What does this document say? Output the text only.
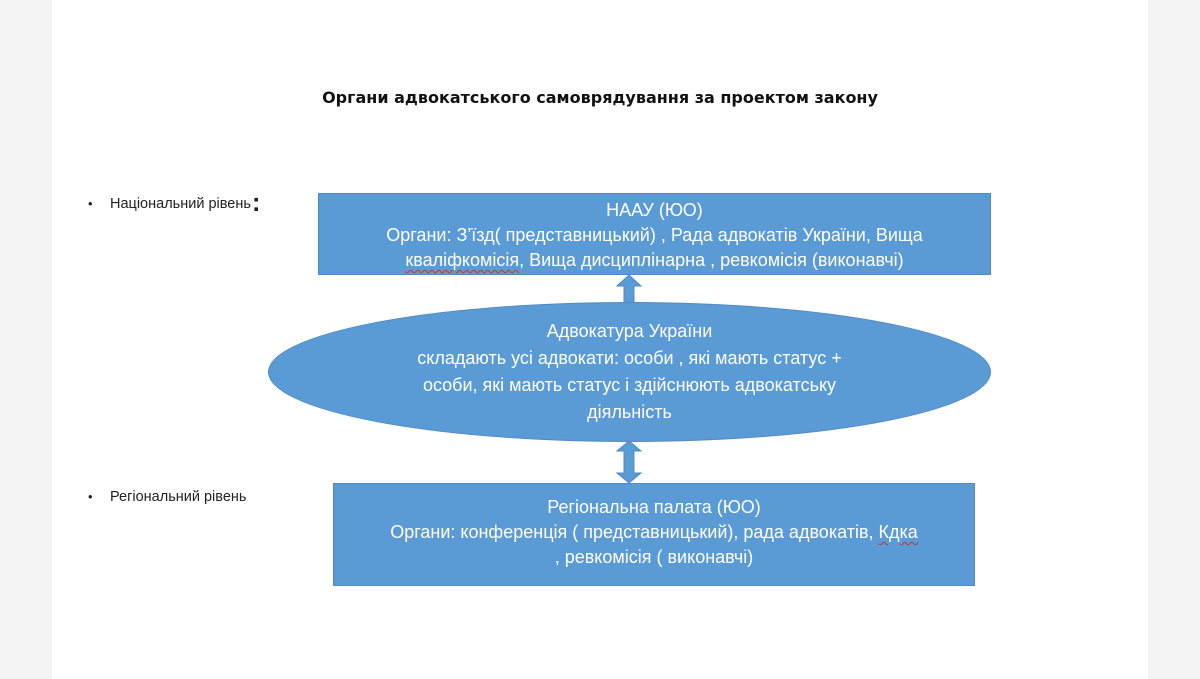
Органи адвокатського самоврядування за проектом закону
• Національний рівень:
• Регіональний рівень
НААУ (ЮО)
Органи: З’їзд( представницький) , Рада адвокатів України, Вища
кваліфкомісія, Вища дисциплінарна , ревкомісія (виконавчі)
Адвокатура України
складають усі адвокати: особи , які мають статус +
особи, які мають статус і здійснюють адвокатську
діяльність
Регіональна палата (ЮО)
Органи: конференція ( представницький), рада адвокатів, Кдка
, ревкомісія ( виконавчі)
